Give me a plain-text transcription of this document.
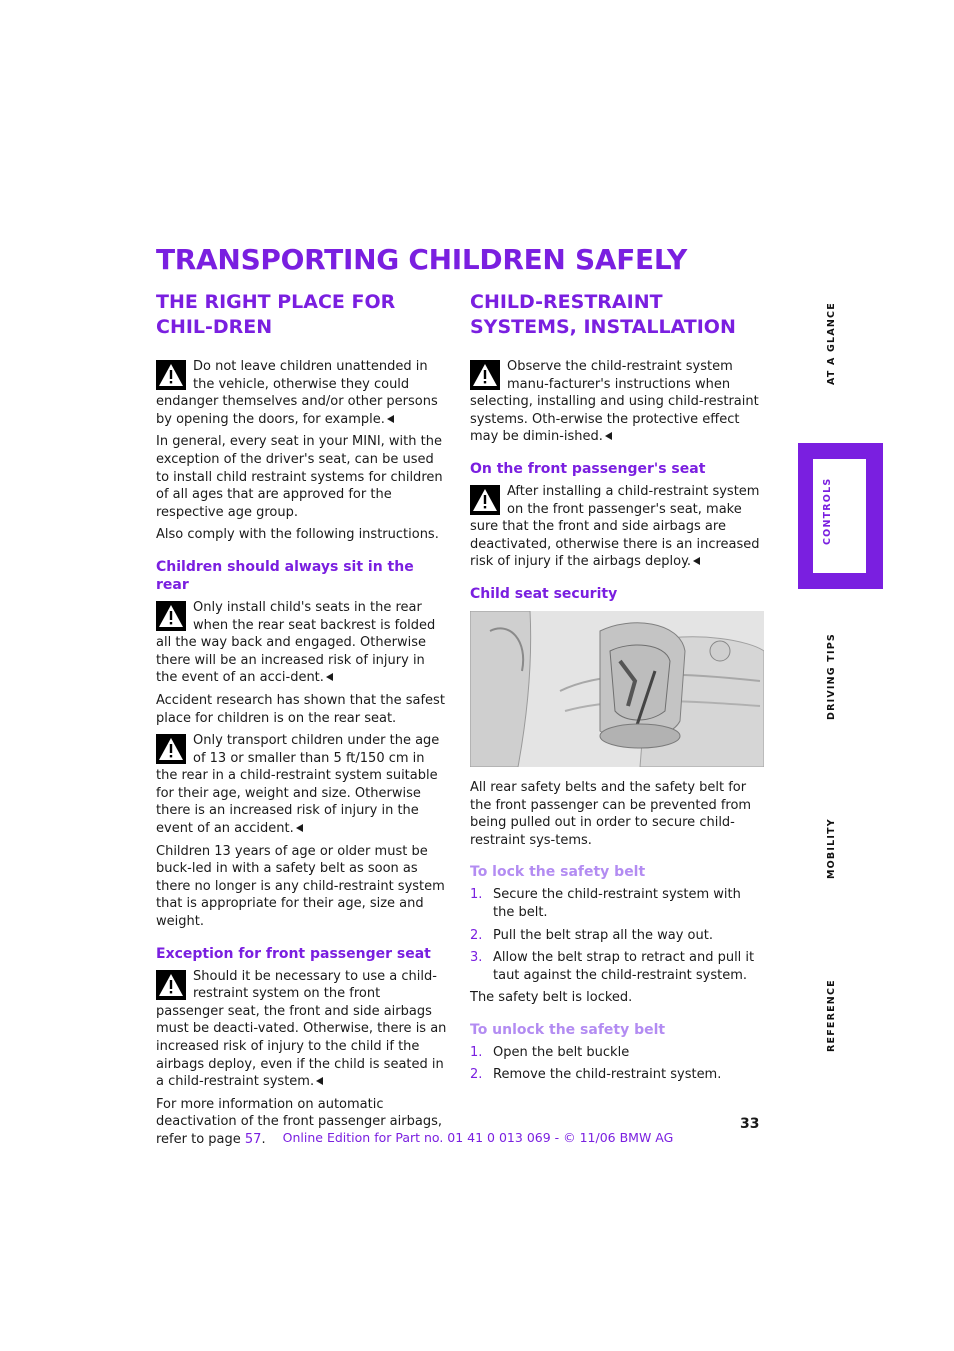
TRANSPORTING CHILDREN SAFELY
THE RIGHT PLACE FOR CHIL-DREN
Do not leave children unattended in the vehicle, otherwise they could endanger themselves and/or other persons by opening the doors, for example.

In general, every seat in your MINI, with the exception of the driver's seat, can be used to install child restraint systems for children of all ages that are approved for the respective age group.

Also comply with the following instructions.

Children should always sit in the rear
Only install child's seats in the rear when the rear seat backrest is folded all the way back and engaged. Otherwise there will be an increased risk of injury in the event of an acci-dent.

Accident research has shown that the safest place for children is on the rear seat.

Only transport children under the age of 13 or smaller than 5 ft/150 cm in the rear in a child-restraint system suitable for their age, weight and size. Otherwise there is an increased risk of injury in the event of an accident.

Children 13 years of age or older must be buck-led in with a safety belt as soon as there no longer is any child-restraint system that is appropriate for their age, size and weight.

Exception for front passenger seat
Should it be necessary to use a child-restraint system on the front passenger seat, the front and side airbags must be deacti-vated. Otherwise, there is an increased risk of injury to the child if the airbags deploy, even if the child is seated in a child-restraint system.

For more information on automatic deactivation of the front passenger airbags, refer to page 57.

CHILD-RESTRAINT SYSTEMS, INSTALLATION
Observe the child-restraint system manu-facturer's instructions when selecting, installing and using child-restraint systems. Oth-erwise the protective effect may be dimin-ished.
On the front passenger's seat
After installing a child-restraint system on the front passenger's seat, make sure that the front and side airbags are deactivated, otherwise there is an increased risk of injury if the airbags deploy.
Child seat security

All rear safety belts and the safety belt for the front passenger can be prevented from being pulled out in order to secure child-restraint sys-tems.

To lock the safety belt
1. Secure the child-restraint system with the belt.
2. Pull the belt strap all the way out.
3. Allow the belt strap to retract and pull it taut against the child-restraint system.

The safety belt is locked.

To unlock the safety belt
1. Open the belt buckle
2. Remove the child-restraint system.
AT A GLANCE
CONTROLS
DRIVING TIPS
MOBILITY
REFERENCE
33
Online Edition for Part no. 01 41 0 013 069 - © 11/06 BMW AG
